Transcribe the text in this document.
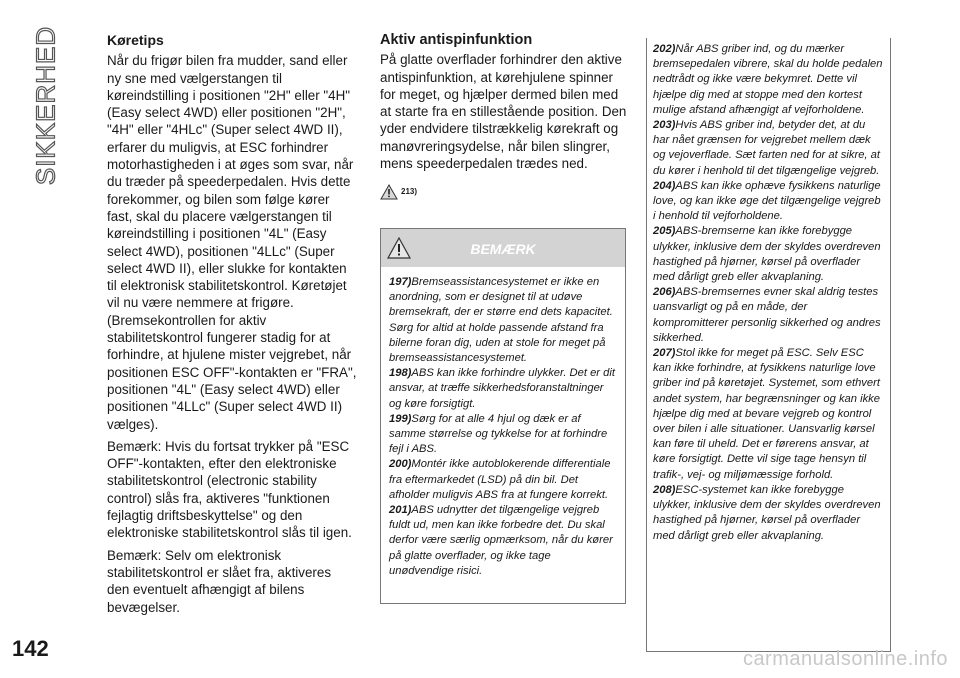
SIKKERHED	Køretips

Når du frigør bilen fra mudder, sand eller ny sne med vælgerstangen til køreindstilling i positionen "2H" eller "4H" (Easy select 4WD) eller positionen "2H", "4H" eller "4HLc" (Super select 4WD II), erfarer du muligvis, at ESC forhindrer motorhastigheden i at øges som svar, når du træder på speederpedalen. Hvis dette forekommer, og bilen som følge kører fast, skal du placere vælgerstangen til køreindstilling i positionen "4L" (Easy select 4WD), positionen "4LLc" (Super select 4WD II), eller slukke for kontakten til elektronisk stabilitetskontrol. Køretøjet vil nu være nemmere at frigøre. (Bremsekontrollen for aktiv stabilitetskontrol fungerer stadig for at forhindre, at hjulene mister vejgrebet, når positionen ESC OFF"-kontakten er "FRA", positionen "4L" (Easy select 4WD) eller positionen "4LLc" (Super select 4WD II) vælges).

Bemærk: Hvis du fortsat trykker på "ESC OFF"-kontakten, efter den elektroniske stabilitetskontrol (electronic stability control) slås fra, aktiveres "funktionen fejlagtig driftsbeskyttelse" og den elektroniske stabilitetskontrol slås til igen.

Bemærk: Selv om elektronisk stabilitetskontrol er slået fra, aktiveres den eventuelt afhængigt af bilens bevægelser.

Aktiv antispinfunktion

På glatte overflader forhindrer den aktive antispinfunktion, at kørehjulene spinner for meget, og hjælper dermed bilen med at starte fra en stillestående position. Den yder endvidere tilstrækkelig kørekraft og manøvreringsydelse, når bilen slingrer, mens speederpedalen trædes ned.

213)
BEMÆRK

197)Bremseassistancesystemet er ikke en anordning, som er designet til at udøve bremsekraft, der er større end dets kapacitet. Sørg for altid at holde passende afstand fra bilerne foran dig, uden at stole for meget på bremseassistancesystemet.

198)ABS kan ikke forhindre ulykker. Det er dit ansvar, at træffe sikkerhedsforanstaltninger og køre forsigtigt.

199)Sørg for at alle 4 hjul og dæk er af samme størrelse og tykkelse for at forhindre fejl i ABS.

200)Montér ikke autoblokerende differentiale fra eftermarkedet (LSD) på din bil. Det afholder muligvis ABS fra at fungere korrekt.

201)ABS udnytter det tilgængelige vejgreb fuldt ud, men kan ikke forbedre det. Du skal derfor være særlig opmærksom, når du kører på glatte overflader, og ikke tage unødvendige risici.

202)Når ABS griber ind, og du mærker bremsepedalen vibrere, skal du holde pedalen nedtrådt og ikke være bekymret. Dette vil hjælpe dig med at stoppe med den kortest mulige afstand afhængigt af vejforholdene.

203)Hvis ABS griber ind, betyder det, at du har nået grænsen for vejgrebet mellem dæk og vejoverflade. Sæt farten ned for at sikre, at du kører i henhold til det tilgængelige vejgreb.

204)ABS kan ikke ophæve fysikkens naturlige love, og kan ikke øge det tilgængelige vejgreb i henhold til vejforholdene.

205)ABS-bremserne kan ikke forebygge ulykker, inklusive dem der skyldes overdreven hastighed på hjørner, kørsel på overflader med dårligt greb eller akvaplaning.

206)ABS-bremsernes evner skal aldrig testes uansvarligt og på en måde, der kompromitterer personlig sikkerhed og andres sikkerhed.

207)Stol ikke for meget på ESC. Selv ESC kan ikke forhindre, at fysikkens naturlige love griber ind på køretøjet. Systemet, som ethvert andet system, har begrænsninger og kan ikke hjælpe dig med at bevare vejgreb og kontrol over bilen i alle situationer. Uansvarlig kørsel kan føre til uheld. Det er førerens ansvar, at køre forsigtigt. Dette vil sige tage hensyn til trafik-, vej- og miljømæssige forhold.

208)ESC-systemet kan ikke forebygge ulykker, inklusive dem der skyldes overdreven hastighed på hjørner, kørsel på overflader med dårligt greb eller akvaplaning.

142	carmanualsonline.info
